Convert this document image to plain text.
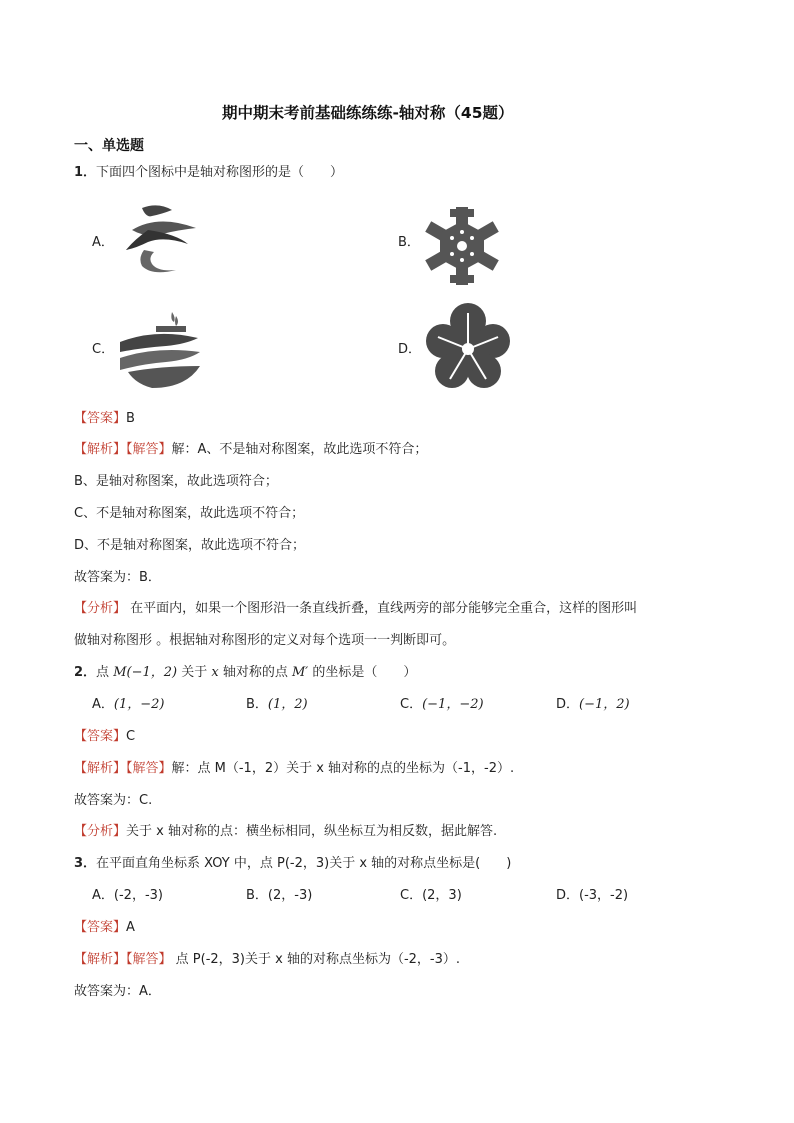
期中期末考前基础练练练-轴对称（45题）
一、单选题
1．下面四个图标中是轴对称图形的是（　　）
A．	B．
C．	D．
【答案】B
【解析】【解答】解：A、不是轴对称图案，故此选项不符合；
B、是轴对称图案，故此选项符合；
C、不是轴对称图案，故此选项不符合；
D、不是轴对称图案，故此选项不符合；
故答案为：B．
【分析】 在平面内，如果一个图形沿一条直线折叠，直线两旁的部分能够完全重合，这样的图形叫
做轴对称图形 。根据轴对称图形的定义对每个选项一一判断即可。
2．点 M(−1，2) 关于 x 轴对称的点 M′ 的坐标是（　　）
A．(1，−2)	B．(1，2)	C．(−1，−2)	D．(−1，2)
【答案】C
【解析】【解答】解：点 M（-1，2）关于 x 轴对称的点的坐标为（-1，-2）.
故答案为：C.
【分析】关于 x 轴对称的点：横坐标相同，纵坐标互为相反数，据此解答.
3．在平面直角坐标系 XOY 中，点 P(-2，3)关于 x 轴的对称点坐标是(　　)
A．(-2，-3)	B．(2，-3)	C．(2，3)	D．(-3，-2)
【答案】A
【解析】【解答】 点 P(-2，3)关于 x 轴的对称点坐标为（-2，-3）.
故答案为：A．
